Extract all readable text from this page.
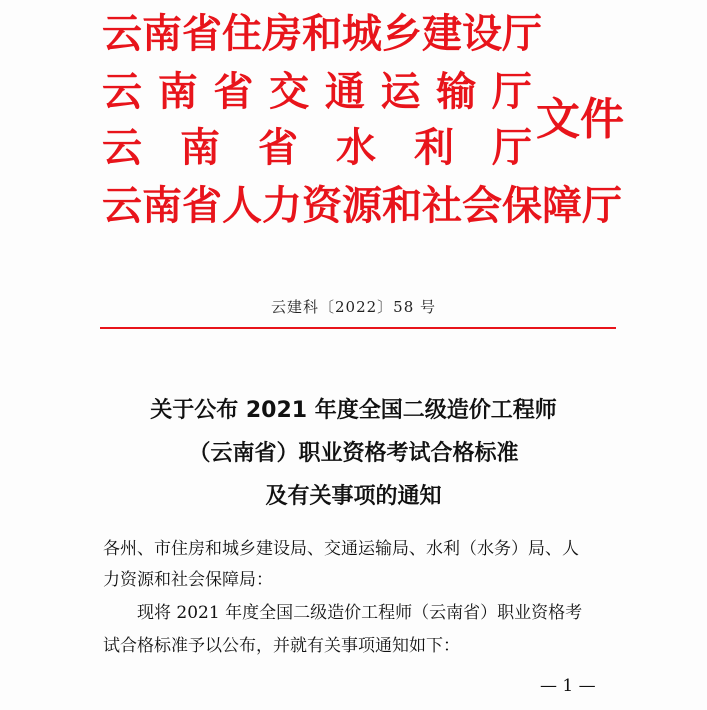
云南省住房和城乡建设厅
云 南 省 交 通 运 输 厅
云 南 省 水 利 厅
云南省人力资源和社会保障厅
文件
云建科〔2022〕58 号
关于公布 2021 年度全国二级造价工程师
（云南省）职业资格考试合格标准
及有关事项的通知
各州、市住房和城乡建设局、交通运输局、水利（水务）局、人
力资源和社会保障局：
现将 2021 年度全国二级造价工程师（云南省）职业资格考
试合格标准予以公布，并就有关事项通知如下：
— 1 —
